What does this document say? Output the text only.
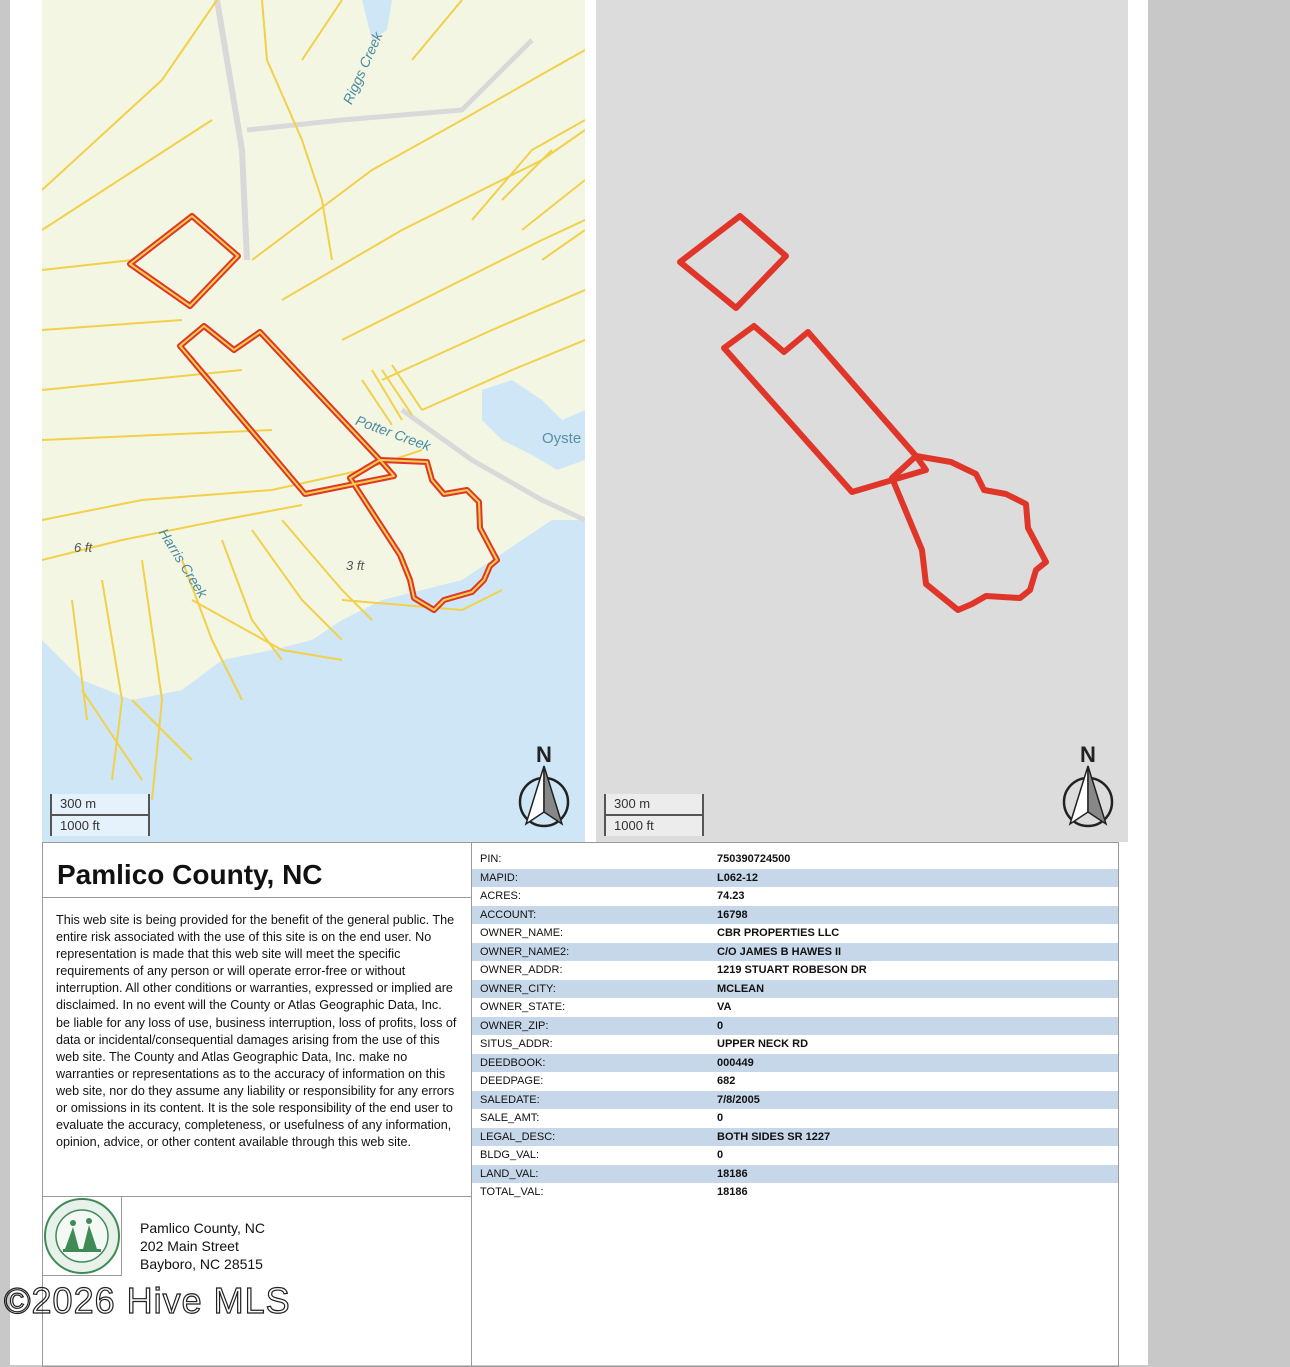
Riggs Creek
Potter Creek
Harris Creek
Oyste
6 ft
3 ft
300 m
1000 ft
N
300 m
1000 ft
N
Pamlico County, NC
This web site is being provided for the benefit of the general public. The entire risk associated with the use of this site is on the end user. No representation is made that this web site will meet the specific requirements of any person or will operate error-free or without interruption. All other conditions or warranties, expressed or implied are disclaimed. In no event will the County or Atlas Geographic Data, Inc. be liable for any loss of use, business interruption, loss of profits, loss of data or incidental/consequential damages arising from the use of this web site. The County and Atlas Geographic Data, Inc. make no warranties or representations as to the accuracy of information on this web site, nor do they assume any liability or responsibility for any errors or omissions in its content. It is the sole responsibility of the end user to evaluate the accuracy, completeness, or usefulness of any information, opinion, advice, or other content available through this web site.
Pamlico County, NC
202 Main Street
Bayboro, NC 28515
PIN:	750390724500
MAPID:	L062-12
ACRES:	74.23
ACCOUNT:	16798
OWNER_NAME:	CBR PROPERTIES LLC
OWNER_NAME2:	C/O JAMES B HAWES II
OWNER_ADDR:	1219 STUART ROBESON DR
OWNER_CITY:	MCLEAN
OWNER_STATE:	VA
OWNER_ZIP:	0
SITUS_ADDR:	UPPER NECK RD
DEEDBOOK:	000449
DEEDPAGE:	682
SALEDATE:	7/8/2005
SALE_AMT:	0
LEGAL_DESC:	BOTH SIDES SR 1227
BLDG_VAL:	0
LAND_VAL:	18186
TOTAL_VAL:	18186
©2026 Hive MLS
